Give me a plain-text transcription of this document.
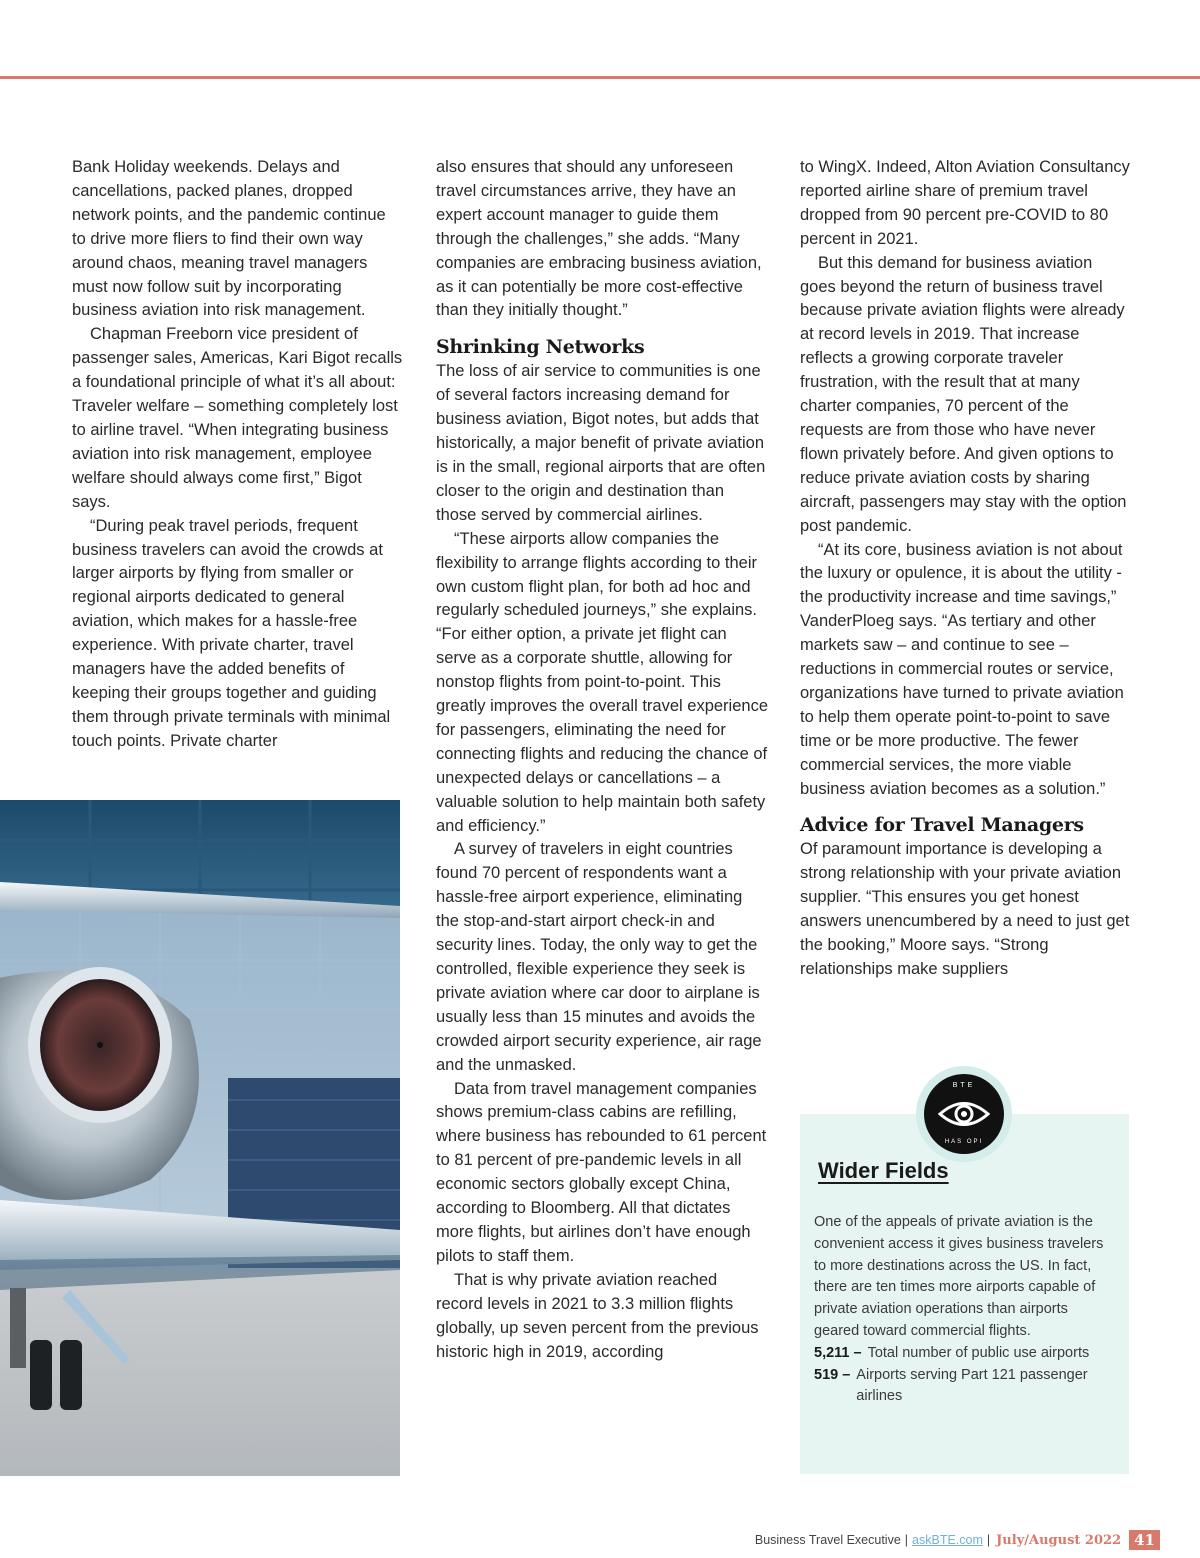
Bank Holiday weekends. Delays and cancellations, packed planes, dropped network points, and the pandemic continue to drive more fliers to find their own way around chaos, meaning travel managers must now follow suit by incorporating business aviation into risk management.

Chapman Freeborn vice president of passenger sales, Americas, Kari Bigot recalls a foundational principle of what it’s all about: Traveler welfare – something completely lost to airline travel. “When integrating business aviation into risk management, employee welfare should always come first,” Bigot says.

“During peak travel periods, frequent business travelers can avoid the crowds at larger airports by flying from smaller or regional airports dedicated to general aviation, which makes for a hassle-free experience. With private charter, travel managers have the added benefits of keeping their groups together and guiding them through private terminals with minimal touch points. Private charter

also ensures that should any unforeseen travel circumstances arrive, they have an expert account manager to guide them through the challenges,” she adds. “Many companies are embracing business aviation, as it can potentially be more cost-effective than they initially thought.”

Shrinking Networks

The loss of air service to communities is one of several factors increasing demand for business aviation, Bigot notes, but adds that historically, a major benefit of private aviation is in the small, regional airports that are often closer to the origin and destination than those served by commercial airlines.

“These airports allow companies the flexibility to arrange flights according to their own custom flight plan, for both ad hoc and regularly scheduled journeys,” she explains. “For either option, a private jet flight can serve as a corporate shuttle, allowing for nonstop flights from point-to-point. This greatly improves the overall travel experience for passengers, eliminating the need for connecting flights and reducing the chance of unexpected delays or cancellations – a valuable solution to help maintain both safety and efficiency.”

A survey of travelers in eight countries found 70 percent of respondents want a hassle-free airport experience, eliminating the stop-and-start airport check-in and security lines. Today, the only way to get the controlled, flexible experience they seek is private aviation where car door to airplane is usually less than 15 minutes and avoids the crowded airport security experience, air rage and the unmasked.

Data from travel management companies shows premium-class cabins are refilling, where business has rebounded to 61 percent to 81 percent of pre-pandemic levels in all economic sectors globally except China, according to Bloomberg. All that dictates more flights, but airlines don’t have enough pilots to staff them.

That is why private aviation reached record levels in 2021 to 3.3 million flights globally, up seven percent from the previous historic high in 2019, according

to WingX. Indeed, Alton Aviation Consultancy reported airline share of premium travel dropped from 90 percent pre-COVID to 80 percent in 2021.

But this demand for business aviation goes beyond the return of business travel because private aviation flights were already at record levels in 2019. That increase reflects a growing corporate traveler frustration, with the result that at many charter companies, 70 percent of the requests are from those who have never flown privately before. And given options to reduce private aviation costs by sharing aircraft, passengers may stay with the option post pandemic.

“At its core, business aviation is not about the luxury or opulence, it is about the utility - the productivity increase and time savings,” VanderPloeg says. “As tertiary and other markets saw – and continue to see – reductions in commercial routes or service, organizations have turned to private aviation to help them operate point-to-point to save time or be more productive. The fewer commercial services, the more viable business aviation becomes as a solution.”

Advice for Travel Managers

Of paramount importance is developing a strong relationship with your private aviation supplier. “This ensures you get honest answers unencumbered by a need to just get the booking,” Moore says. “Strong relationships make suppliers

BTE
HAS OPI
Wider Fields

One of the appeals of private aviation is the convenient access it gives business travelers to more destinations across the US. In fact, there are ten times more airports capable of private aviation operations than airports geared toward commercial flights.

5,211 – Total number of public use airports
519 – Airports serving Part 121 passenger airlines
Business Travel Executive | askBTE.com | July/August 2022 41
